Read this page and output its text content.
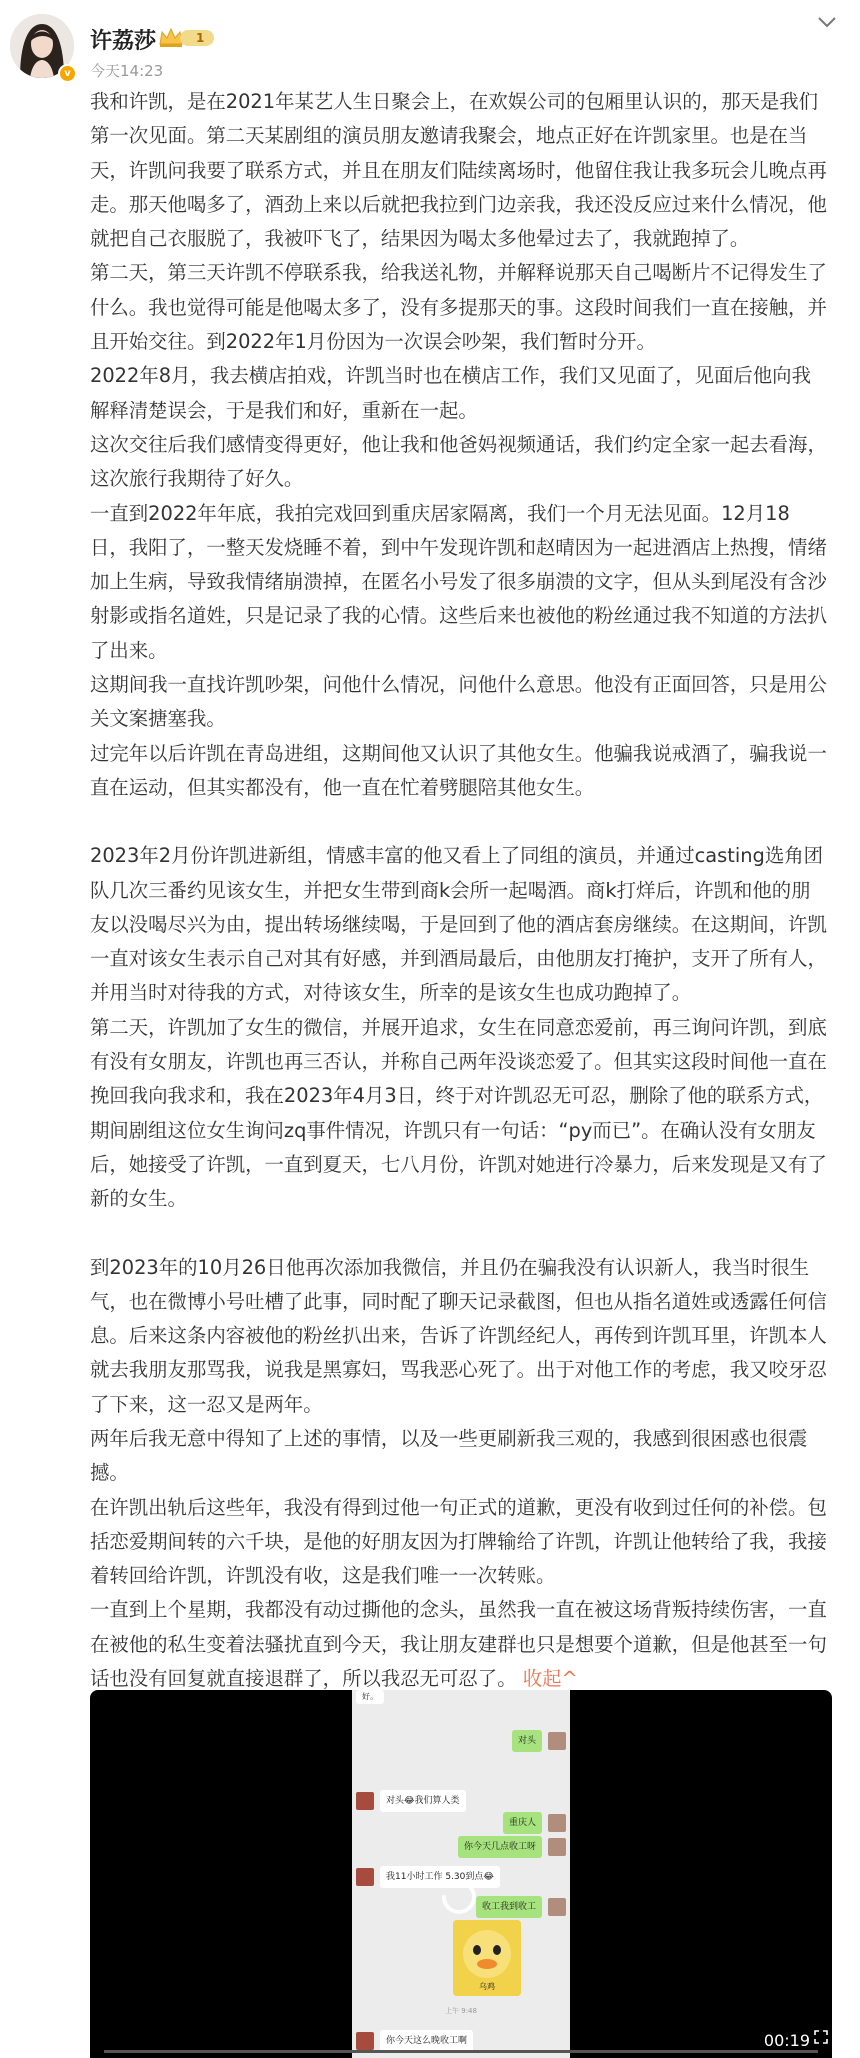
v
许荔莎	1
今天14:23

我和许凯，是在2021年某艺人生日聚会上，在欢娱公司的包厢里认识的，那天是我们第一次见面。第二天某剧组的演员朋友邀请我聚会，地点正好在许凯家里。也是在当天，许凯问我要了联系方式，并且在朋友们陆续离场时，他留住我让我多玩会儿晚点再走。那天他喝多了，酒劲上来以后就把我拉到门边亲我，我还没反应过来什么情况，他就把自己衣服脱了，我被吓飞了，结果因为喝太多他晕过去了，我就跑掉了。

第二天，第三天许凯不停联系我，给我送礼物，并解释说那天自己喝断片不记得发生了什么。我也觉得可能是他喝太多了，没有多提那天的事。这段时间我们一直在接触，并且开始交往。到2022年1月份因为一次误会吵架，我们暂时分开。

2022年8月，我去横店拍戏，许凯当时也在横店工作，我们又见面了，见面后他向我解释清楚误会，于是我们和好，重新在一起。

这次交往后我们感情变得更好，他让我和他爸妈视频通话，我们约定全家一起去看海，这次旅行我期待了好久。

一直到2022年年底，我拍完戏回到重庆居家隔离，我们一个月无法见面。12月18日，我阳了，一整天发烧睡不着，到中午发现许凯和赵晴因为一起进酒店上热搜，情绪加上生病，导致我情绪崩溃掉，在匿名小号发了很多崩溃的文字，但从头到尾没有含沙射影或指名道姓，只是记录了我的心情。这些后来也被他的粉丝通过我不知道的方法扒了出来。

这期间我一直找许凯吵架，问他什么情况，问他什么意思。他没有正面回答，只是用公关文案搪塞我。

过完年以后许凯在青岛进组，这期间他又认识了其他女生。他骗我说戒酒了，骗我说一直在运动，但其实都没有，他一直在忙着劈腿陪其他女生。

2023年2月份许凯进新组，情感丰富的他又看上了同组的演员，并通过casting选角团队几次三番约见该女生，并把女生带到商k会所一起喝酒。商k打烊后，许凯和他的朋友以没喝尽兴为由，提出转场继续喝，于是回到了他的酒店套房继续。在这期间，许凯一直对该女生表示自己对其有好感，并到酒局最后，由他朋友打掩护，支开了所有人，并用当时对待我的方式，对待该女生，所幸的是该女生也成功跑掉了。

第二天，许凯加了女生的微信，并展开追求，女生在同意恋爱前，再三询问许凯，到底有没有女朋友，许凯也再三否认，并称自己两年没谈恋爱了。但其实这段时间他一直在挽回我向我求和，我在2023年4月3日，终于对许凯忍无可忍，删除了他的联系方式，期间剧组这位女生询问zq事件情况，许凯只有一句话：“py而已”。在确认没有女朋友后，她接受了许凯，一直到夏天，七八月份，许凯对她进行冷暴力，后来发现是又有了新的女生。

到2023年的10月26日他再次添加我微信，并且仍在骗我没有认识新人，我当时很生气，也在微博小号吐槽了此事，同时配了聊天记录截图，但也从指名道姓或透露任何信息。后来这条内容被他的粉丝扒出来，告诉了许凯经纪人，再传到许凯耳里，许凯本人就去我朋友那骂我，说我是黑寡妇，骂我恶心死了。出于对他工作的考虑，我又咬牙忍了下来，这一忍又是两年。

两年后我无意中得知了上述的事情，以及一些更刷新我三观的，我感到很困惑也很震撼。

在许凯出轨后这些年，我没有得到过他一句正式的道歉，更没有收到过任何的补偿。包括恋爱期间转的六千块，是他的好朋友因为打牌输给了许凯，许凯让他转给了我，我接着转回给许凯，许凯没有收，这是我们唯一一次转账。

一直到上个星期，我都没有动过撕他的念头，虽然我一直在被这场背叛持续伤害，一直在被他的私生变着法骚扰直到今天，我让朋友建群也只是想要个道歉，但是他甚至一句话也没有回复就直接退群了，所以我忍无可忍了。 收起^

好。
乌鸡
上午 9:48
对头
对头😂我们算人类
重庆人
你今天几点收工呀
我11小时工作 5.30到点😂
收工我到收工
你今天这么晚收工啊	00:19
